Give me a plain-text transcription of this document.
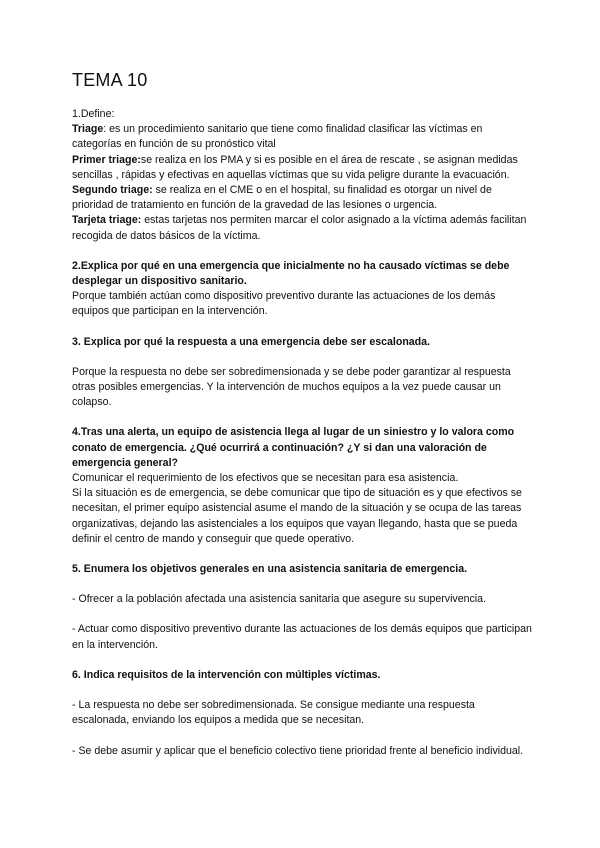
TEMA 10

1.Define:

Triage: es un procedimiento sanitario que tiene como finalidad clasificar las víctimas en categorías en función de su pronóstico vital

Primer triage:se realiza en los PMA y si es posible en el área de rescate , se asignan medidas sencillas , rápidas y efectivas en aquellas víctimas que su vida peligre durante la evacuación.

Segundo triage: se realiza en el CME o en el hospital, su finalidad es otorgar un nivel de prioridad de tratamiento en función de la gravedad de las lesiones o urgencia.

Tarjeta triage: estas tarjetas nos permiten marcar el color asignado a la víctima además facilitan recogida de datos básicos de la víctima.

2.Explica por qué en una emergencia que inicialmente no ha causado víctimas se debe desplegar un dispositivo sanitario.

Porque también actúan como dispositivo preventivo durante las actuaciones de los demás equipos que participan en la intervención.

3. Explica por qué la respuesta a una emergencia debe ser escalonada.

Porque la respuesta no debe ser sobredimensionada y se debe poder garantizar al respuesta otras posibles emergencias. Y la intervención de muchos equipos a la vez puede causar un colapso.

4.Tras una alerta, un equipo de asistencia llega al lugar de un siniestro y lo valora como conato de emergencia. ¿Qué ocurrirá a continuación? ¿Y si dan una valoración de emergencia general?

Comunicar el requerimiento de los efectivos que se necesitan para esa asistencia.

Si la situación es de emergencia, se debe comunicar que tipo de situación es y que efectivos se necesitan, el primer equipo asistencial asume el mando de la situación y se ocupa de las tareas organizativas, dejando las asistenciales a los equipos que vayan llegando, hasta que se pueda definir el centro de mando y conseguir que quede operativo.

5. Enumera los objetivos generales en una asistencia sanitaria de emergencia.

- Ofrecer a la población afectada una asistencia sanitaria que asegure su supervivencia.

- Actuar como dispositivo preventivo durante las actuaciones de los demás equipos que participan en la intervención.

6. Indica requisitos de la intervención con múltiples víctimas.

- La respuesta no debe ser sobredimensionada. Se consigue mediante una respuesta escalonada, enviando los equipos a medida que se necesitan.

- Se debe asumir y aplicar que el beneficio colectivo tiene prioridad frente al beneficio individual.
